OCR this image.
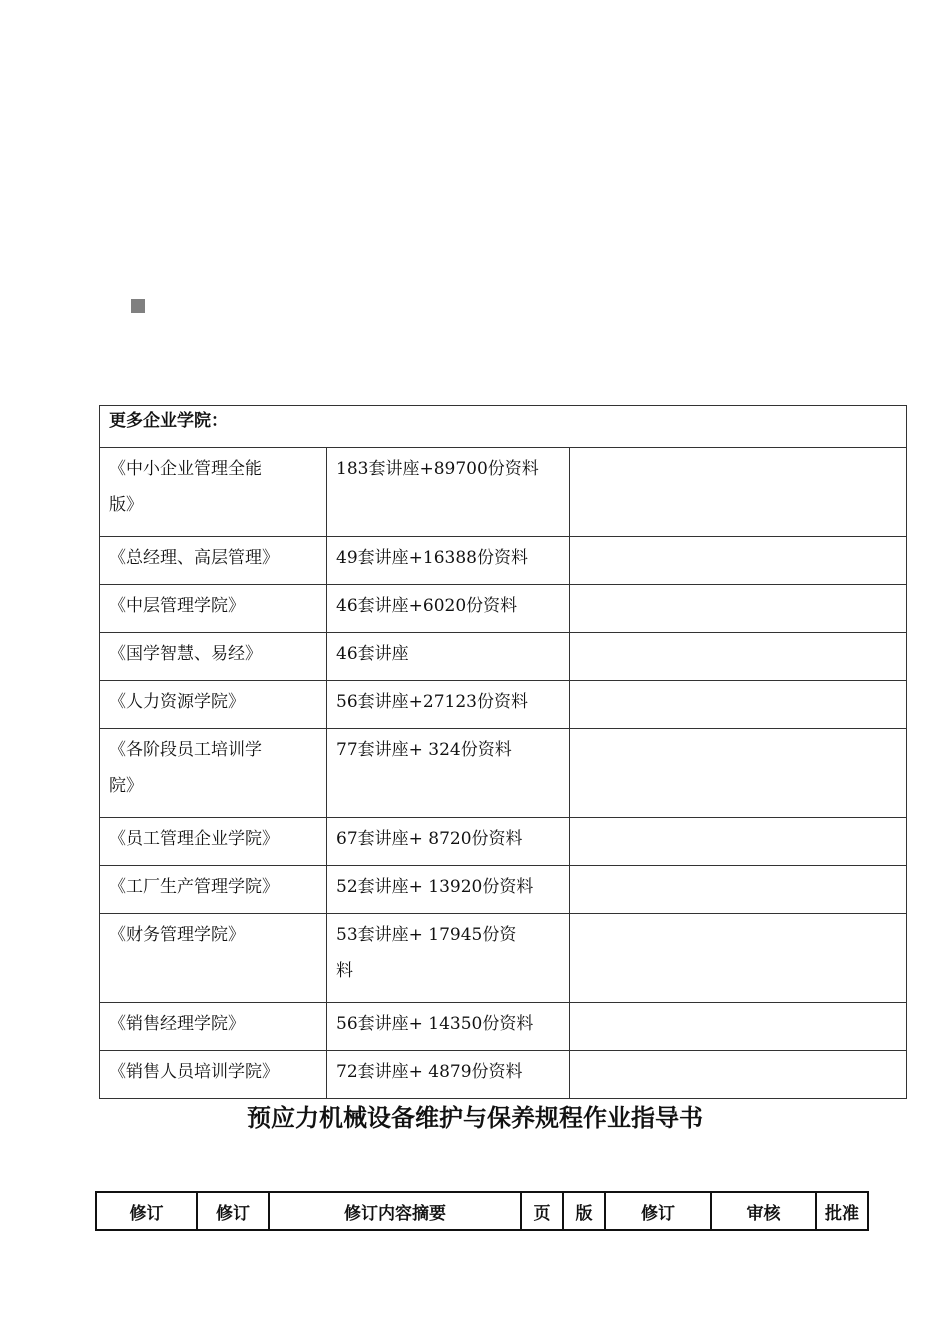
更多企业学院：		

《中小企业管理全能
版》	183套讲座+89700份资料	

《总经理、高层管理》	49套讲座+16388份资料	

《中层管理学院》	46套讲座+6020份资料	

《国学智慧、易经》	46套讲座	

《人力资源学院》	56套讲座+27123份资料	

《各阶段员工培训学
院》	77套讲座+ 324份资料	

《员工管理企业学院》	67套讲座+ 8720份资料	

《工厂生产管理学院》	52套讲座+ 13920份资料	

《财务管理学院》	53套讲座+ 17945份资
料	

《销售经理学院》	56套讲座+ 14350份资料	

《销售人员培训学院》	72套讲座+ 4879份资料	

预应力机械设备维护与保养规程作业指导书
修订	修订	修订内容摘要	页	版	修订	审核	批准
